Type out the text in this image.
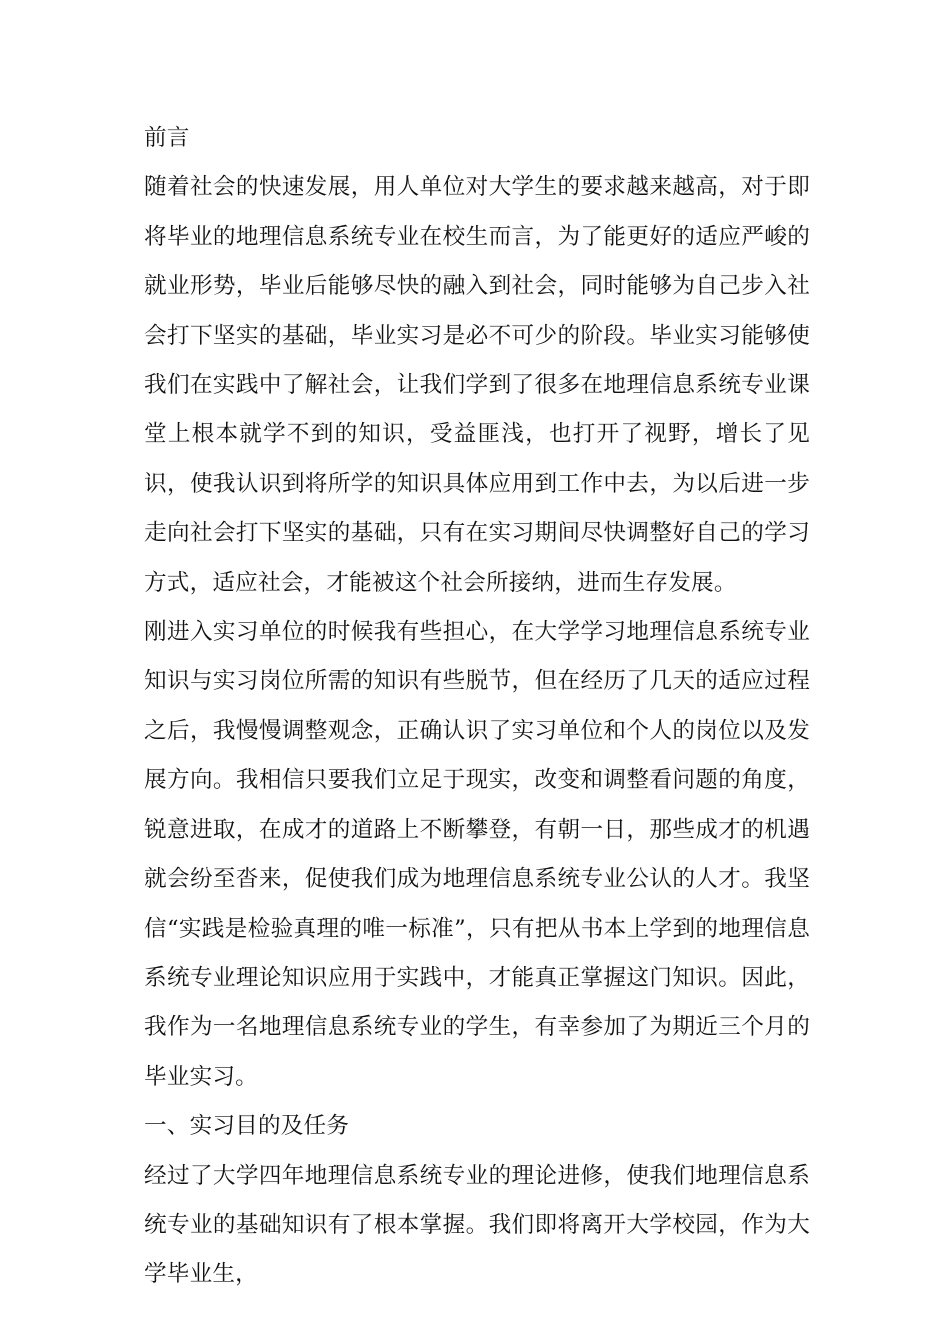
前言

随着社会的快速发展，用人单位对大学生的要求越来越高，对于即将毕业的地理信息系统专业在校生而言，为了能更好的适应严峻的就业形势，毕业后能够尽快的融入到社会，同时能够为自己步入社会打下坚实的基础，毕业实习是必不可少的阶段。毕业实习能够使我们在实践中了解社会，让我们学到了很多在地理信息系统专业课堂上根本就学不到的知识，受益匪浅，也打开了视野，增长了见识，使我认识到将所学的知识具体应用到工作中去，为以后进一步走向社会打下坚实的基础，只有在实习期间尽快调整好自己的学习方式，适应社会，才能被这个社会所接纳，进而生存发展。

刚进入实习单位的时候我有些担心，在大学学习地理信息系统专业知识与实习岗位所需的知识有些脱节，但在经历了几天的适应过程之后，我慢慢调整观念，正确认识了实习单位和个人的岗位以及发展方向。我相信只要我们立足于现实，改变和调整看问题的角度，锐意进取，在成才的道路上不断攀登，有朝一日，那些成才的机遇就会纷至沓来，促使我们成为地理信息系统专业公认的人才。我坚信“实践是检验真理的唯一标准”，只有把从书本上学到的地理信息系统专业理论知识应用于实践中，才能真正掌握这门知识。因此，我作为一名地理信息系统专业的学生，有幸参加了为期近三个月的毕业实习。

一、实习目的及任务

经过了大学四年地理信息系统专业的理论进修，使我们地理信息系统专业的基础知识有了根本掌握。我们即将离开大学校园，作为大学毕业生，
